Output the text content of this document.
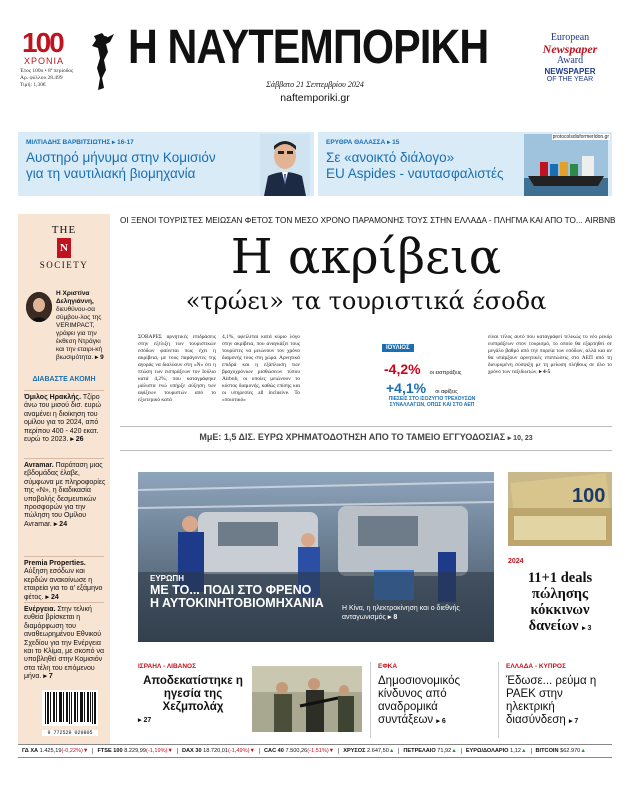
100
ΧΡΟΝΙΑ
Έτος 100ο • 8ª περίοδος
Αρ. φύλλου 28.499
Τιμή: 1,30€
Η ΝΑΥΤΕΜΠΟΡΙΚΗ
Σάββατο 21 Σεπτεμβρίου 2024
naftemporiki.gr
European
Newspaper
Award
NEWSPAPER
OF THE YEAR
ΜΙΛΤΙΑΔΗΣ ΒΑΡΒΙΤΣΙΩΤΗΣ ▸ 16-17
Αυστηρό μήνυμα στην Κομισιόν
για τη ναυτιλιακή βιομηχανία
ΕΡΥΘΡΑ ΘΑΛΑΣΣΑ ▸ 15
Σε «ανοικτό διάλογο»
EU Aspides - ναυτασφαλιστές
protocolsdisformeridon.gr
THE
N
SOCIETY
Η Χριστίνα Δεληγιάννη, διευθύνου-σα σύμβου-λος της VERIMPACT, γράφει για την έκθεση Ντράγκι και την εταιρι-κή βιωσιμότητα. ▸ 9
ΔΙΑΒΑΣΤΕ ΑΚΟΜΗ
Όμιλος Ηρακλής. Τζίρο άνω του μισού δισ. ευρώ αναμένει η διοίκηση του ομίλου για το 2024, από περίπου 400 - 420 εκατ. ευρώ το 2023. ▸ 26
Avramar. Παράταση μιας εβδομάδας έλαβε, σύμφωνα με πληροφορίες της «Ν», η διαδικασία υποβολής δεσμευτικών προσφορών για την πώληση του Ομίλου Avramar. ▸ 24
Premia Properties. Αύξηση εσόδων και κερδών ανακοίνωσε η εταιρεία για το α' εξάμηνο φέτος. ▸ 24
Ενέργεια. Στην τελική ευθεία βρίσκεται η διαμόρφωση του αναθεωρημένου Εθνικού Σχεδίου για την Ενέργεια και το Κλίμα, με σκοπό να υποβληθεί στην Κομισιόν στα τέλη του επόμενου μήνα. ▸ 7
9 772529 029805
ΟΙ ΞΕΝΟΙ ΤΟΥΡΙΣΤΕΣ ΜΕΙΩΣΑΝ ΦΕΤΟΣ ΤΟΝ ΜΕΣΟ ΧΡΟΝΟ ΠΑΡΑΜΟΝΗΣ ΤΟΥΣ ΣΤΗΝ ΕΛΛΑΔΑ - ΠΛΗΓΜΑ ΚΑΙ ΑΠΟ ΤΟ... AIRBNB
Η ακρίβεια
«τρώει» τα τουριστικά έσοδα
ΣΟΒΑΡΕΣ αρνητικές επιδράσεις στην εξέλιξη των τουριστικών εσόδων φαίνεται πως έχει η ακρίβεια, με τους παράγοντες της αγοράς να διαλύουν στη «Ν» ότι η πτώση των εισπράξεων τον Ιούλιο κατά 4,2%, που καταγράφηκε μάλιστα ενώ υπήρξε αύξηση των αφίξεων τουριστών από το εξωτερικό κατά
4,1%, οφείλεται κατά κύριο λόγο στην ακρίβεια, που αναγκάζει τους τουρίστες να μειώνουν τον χρόνο διαμονής τους στη χώρα. Αρνητικά επιδρά και η εξάπλωση των βραχυχρόνιων μισθώσεων τύπου Airbnb, οι οποίες μειώνουν το κόστος διαμονής, καθώς επίσης και οι υπηρεσίες all inclusive. Το «ποιοτικό»
είναι τέλος αυτό που καταγράφεί τελικώς το νέο ρεκόρ εισπράξεων στον τουρισμό, το οποίο θα εξαρτηθεί σε μεγάλο βαθμό από την πορεία των εσόδων, αλλά και αν θα υπάρξουν αρνητικές επιπτώσεις στο ΑΕΠ από τη διευρυμένη σύσφιξη με τη μείωση πλήθους σε όλο το χρόνο των ταξιδιωτών. ▸ 4-5
ΙΟΥΛΙΟΣ
-4,2% οι εισπράξεις
+4,1% οι αφίξεις
ΠΙΕΣΕΙΣ ΣΤΟ ΙΣΟΖΥΓΙΟ ΤΡΕΧΟΥΣΩΝ ΣΥΝΑΛΛΑΓΩΝ, ΟΠΩΣ ΚΑΙ ΣΤΟ ΑΕΠ
ΜμΕ: 1,5 ΔΙΣ. ΕΥΡΩ ΧΡΗΜΑΤΟΔΟΤΗΣΗ ΑΠΟ ΤΟ ΤΑΜΕΙΟ ΕΓΓΥΟΔΟΣΙΑΣ ▸ 10, 23
ΕΥΡΩΠΗ
ΜΕ ΤΟ... ΠΟΔΙ ΣΤΟ ΦΡΕΝΟ
Η ΑΥΤΟΚΙΝΗΤΟΒΙΟΜΗΧΑΝΙΑ	Η Κίνα, η ηλεκτροκίνηση και ο διεθνής ανταγωνισμός ▸ 8
100
2024
11+1 deals πώλησης κόκκινων δανείων ▸ 3
ΙΣΡΑΗΛ - ΛΙΒΑΝΟΣ
Αποδεκατίστηκε η ηγεσία της Χεζμπολάχ
▸ 27
ΕΦΚΑ
Δημοσιονομικός κίνδυνος από αναδρομικά συντάξεων ▸ 6
ΕΛΛΑΔΑ - ΚΥΠΡΟΣ
Έδωσε... ρεύμα η PAEK στην ηλεκτρική διασύνδεση ▸ 7
ΓΔ ΧΑ 1.425,19(-0,22%)▼	FTSE 100 8.229,99(-1,19%)▼	DAX 30 18.720,01(-1,49%)▼	CAC 40 7.500,26(-1,51%)▼	ΧΡΥΣΟΣ 2.647,50▲	ΠΕΤΡΕΛΑΙΟ 71,92▲	ΕΥΡΩ/ΔΟΛΑΡΙΟ 1,12▲	BITCOIN $62.970▲
